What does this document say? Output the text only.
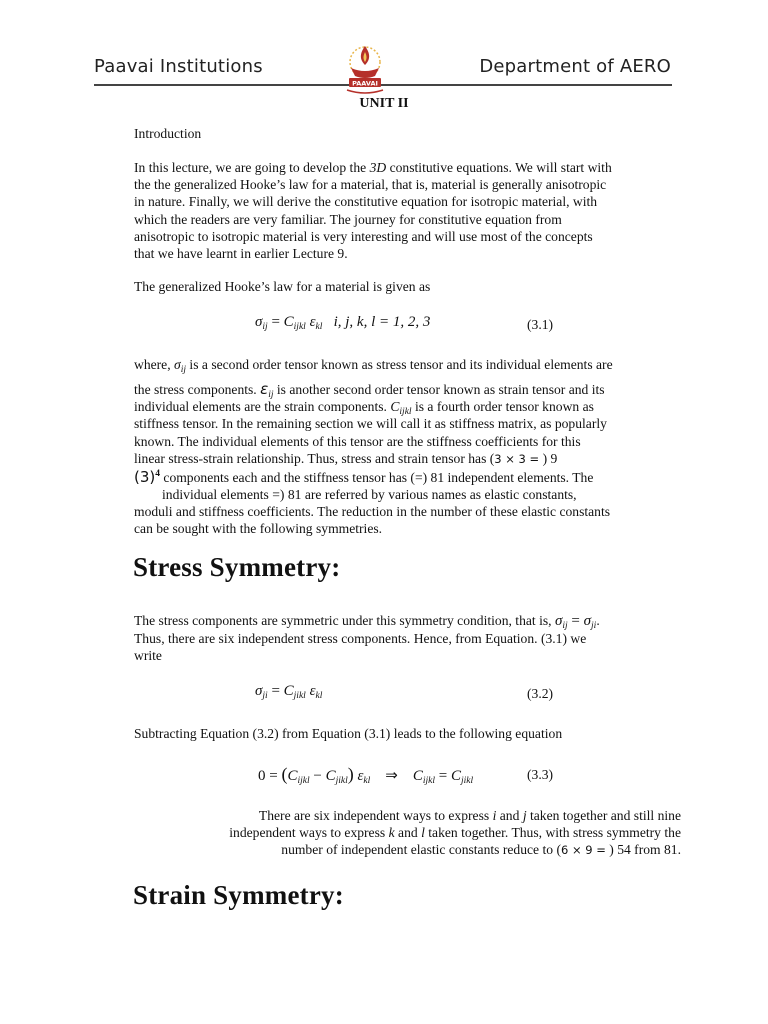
Paavai Institutions	Department of AERO
PAAVAI
UNIT II
Introduction
In this lecture, we are going to develop the 3D constitutive equations. We will start with
the the generalized Hooke’s law for a material, that is, material is generally anisotropic
in nature. Finally, we will derive the constitutive equation for isotropic material, with
which the readers are very familiar. The journey for constitutive equation from
anisotropic to isotropic material is very interesting and will use most of the concepts
that we have learnt in earlier Lecture 9.
The generalized Hooke’s law for a material is given as
$\sigma_{ij} = C_{ijkl}$ $\varepsilon_{kl}$ i, j, k, l = 1, 2, 3	(3.1)
where, $\sigma_{ij}$ is a second order tensor known as stress tensor and its individual elements are
the stress components. $\varepsilon_{ij}$ is another second order tensor known as strain tensor and its
individual elements are the strain components. $C_{ijkl}$ is a fourth order tensor known as
stiffness tensor. In the remaining section we will call it as stiffness matrix, as popularly
known. The individual elements of this tensor are the stiffness coefficients for this
linear stress-strain relationship. Thus, stress and strain tensor has (3 × 3 = ) 9
$(3)^4$ components each and the stiffness tensor has (=) 81 independent elements. The
individual elements =) 81 are referred by various names as elastic constants,
moduli and stiffness coefficients. The reduction in the number of these elastic constants
can be sought with the following symmetries.
Stress Symmetry:
The stress components are symmetric under this symmetry condition, that is, $\sigma_{ij} = \sigma_{ji}$.
Thus, there are six independent stress components. Hence, from Equation. (3.1) we
write
$\sigma_{ji} = C_{jikl}$ $\varepsilon_{kl}$	(3.2)
Subtracting Equation (3.2) from Equation (3.1) leads to the following equation
$0 = (C_{ijkl} - C_{jikl})$ $\varepsilon_{kl}$ ⇒ $C_{ijkl} = C_{jikl}$	(3.3)
There are six independent ways to express i and j taken together and still nine
independent ways to express k and l taken together. Thus, with stress symmetry the
number of independent elastic constants reduce to (6 × 9 = ) 54 from 81.
Strain Symmetry:
